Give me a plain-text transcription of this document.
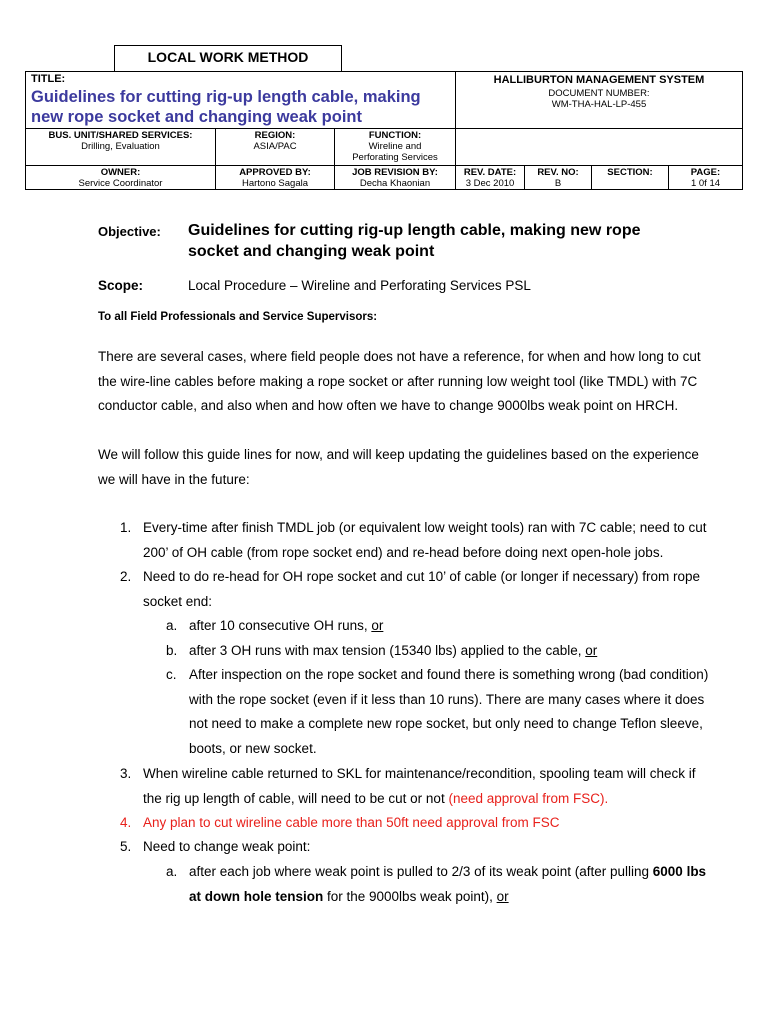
LOCAL WORK METHOD
TITLE:
Guidelines for cutting rig-up length cable, making
new rope socket and changing weak point
HALLIBURTON MANAGEMENT SYSTEM
DOCUMENT NUMBER:
WM-THA-HAL-LP-455
BUS. UNIT/SHARED SERVICES:
Drilling, Evaluation
REGION:
ASIA/PAC
FUNCTION:
Wireline and
Perforating Services
OWNER:
Service Coordinator
APPROVED BY:
Hartono Sagala
JOB REVISION BY:
Decha Khaonian
REV. DATE:
3 Dec 2010
REV. NO:
B
SECTION:	PAGE:
1 0f 14
Objective: Guidelines for cutting rig-up length cable, making new rope
socket and changing weak point
Scope:	Local Procedure – Wireline and Perforating Services PSL
To all Field Professionals and Service Supervisors:
There are several cases, where field people does not have a reference, for when and how long to cut
the wire-line cables before making a rope socket or after running low weight tool (like TMDL) with 7C
conductor cable, and also when and how often we have to change 9000lbs weak point on HRCH.
We will follow this guide lines for now, and will keep updating the guidelines based on the experience
we will have in the future:
1. Every-time after finish TMDL job (or equivalent low weight tools) ran with 7C cable; need to cut
200’ of OH cable (from rope socket end) and re-head before doing next open-hole jobs.
2. Need to do re-head for OH rope socket and cut 10’ of cable (or longer if necessary) from rope
socket end:
a. after 10 consecutive OH runs, or
b. after 3 OH runs with max tension (15340 lbs) applied to the cable, or
c. After inspection on the rope socket and found there is something wrong (bad condition)
with the rope socket (even if it less than 10 runs). There are many cases where it does
not need to make a complete new rope socket, but only need to change Teflon sleeve,
boots, or new socket.
3. When wireline cable returned to SKL for maintenance/recondition, spooling team will check if
the rig up length of cable, will need to be cut or not (need approval from FSC).
4. Any plan to cut wireline cable more than 50ft need approval from FSC
5. Need to change weak point:
a. after each job where weak point is pulled to 2/3 of its weak point (after pulling 6000 lbs
at down hole tension for the 9000lbs weak point), or
